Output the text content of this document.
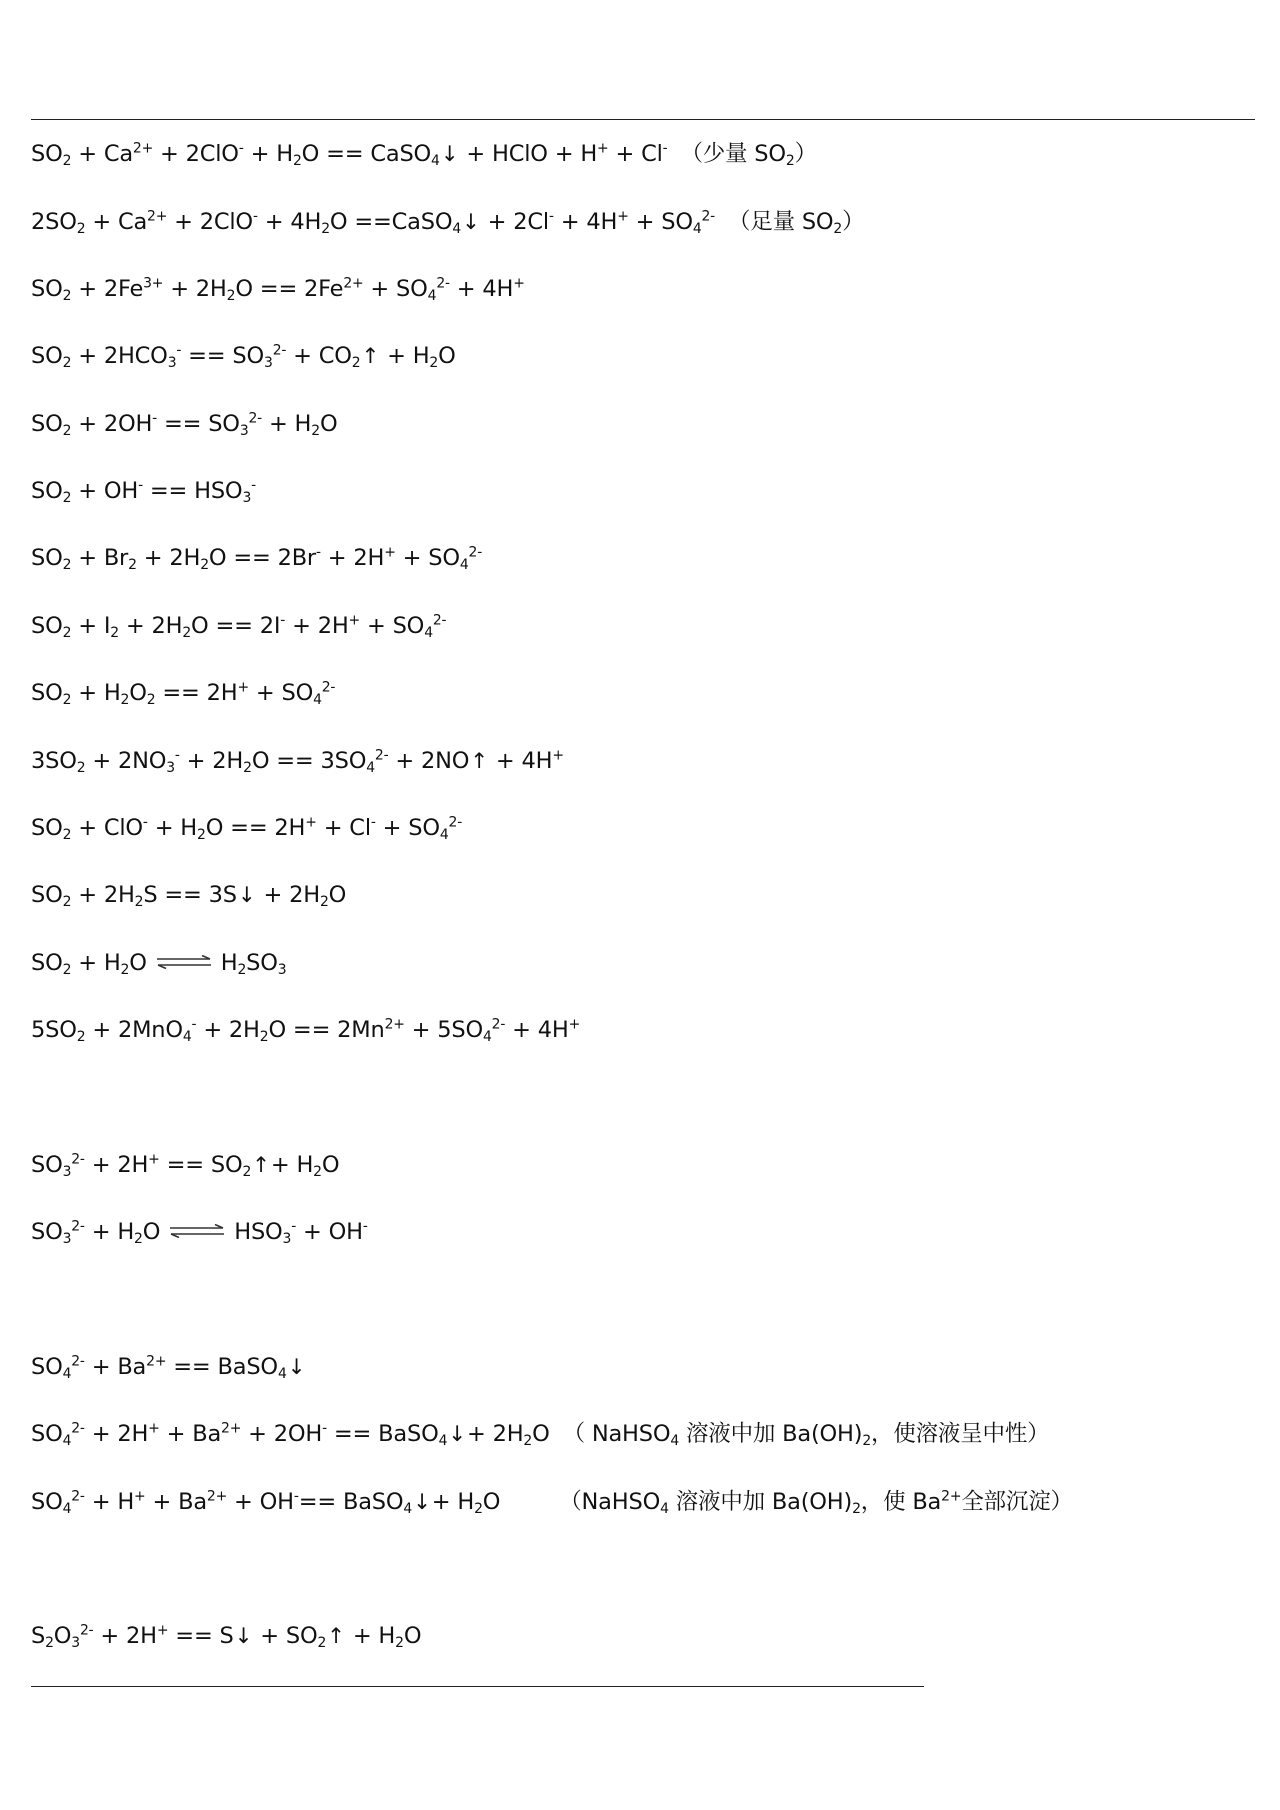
$SO_2 + Ca^{2+} + 2ClO^- + H_2O$ == CaSO$_4$↓ + HClO + H+ + Cl- （少量 $SO_2$）
$2SO_2 + Ca^{2+} + 2ClO^- + 4H_2O$ ==CaSO$_4$↓ + $2Cl^- + 4H^+ + SO_4^{2-}$ （足量 $SO_2$）
$SO_2 + 2Fe^{3+} + 2H_2O == 2Fe^{2+} + SO_4^{2-} + 4H^+$
$SO_2 + 2HCO_3^- == SO_3^{2-}$ + $CO_2↑ + H_2O$
$SO_2 + 2OH^- == SO_3^{2-} + H_2O$
$SO_2 + OH^- == HSO_3^-$
$SO_2 + Br_2 + 2H_2O == 2Br^- + 2H^+ + SO_4^{2-}$
$SO_2 + I_2 + 2H_2O == 2I^- + 2H^+ + SO_4^{2-}$
$SO_2 + H_2O_2 == 2H^+ + SO_4^{2-}$
$3SO_2 + 2NO_3^- + 2H_2O == 3SO_4^{2-}$ + 2NO↑ + 4H+
$SO_2 + ClO^- + H_2O == 2H^+ + Cl^- + SO_4^{2-}$
$SO_2 + 2H_2S$ == 3S↓ + $2H_2O$
$SO_2 + H_2O$ ⇌ $H_2SO_3$
$5SO_2 + 2MnO_4^- + 2H_2O == 2Mn^{2+} + 5SO_4^{2-} + 4H^+$
$SO_3^{2-} + 2H^+$ == $SO_2↑+ H_2O$
$SO_3^{2-} + H_2O$ ⇌ $HSO_3^- + OH^-$
$SO_4^{2-} + Ba^{2+}$ == BaSO$_4$↓
$SO_4^{2-} + 2H^+ + Ba^{2+} + 2OH^-$ == BaSO$_4$↓+ $2H_2O$ （ NaHSO$_4$ 溶液中加 $Ba(OH)_2$，使溶液呈中性）
$SO_4^{2-} + H^+ + Ba^{2+} + OH^-==$ BaSO$_4$↓+ $H_2O$ （NaHSO$_4$ 溶液中加 $Ba(OH)_2$，使 $Ba^{2+}$全部沉淀）
$S_2O_3^{2-} + 2H^+$ == S↓ + $SO_2↑ + H_2O$
